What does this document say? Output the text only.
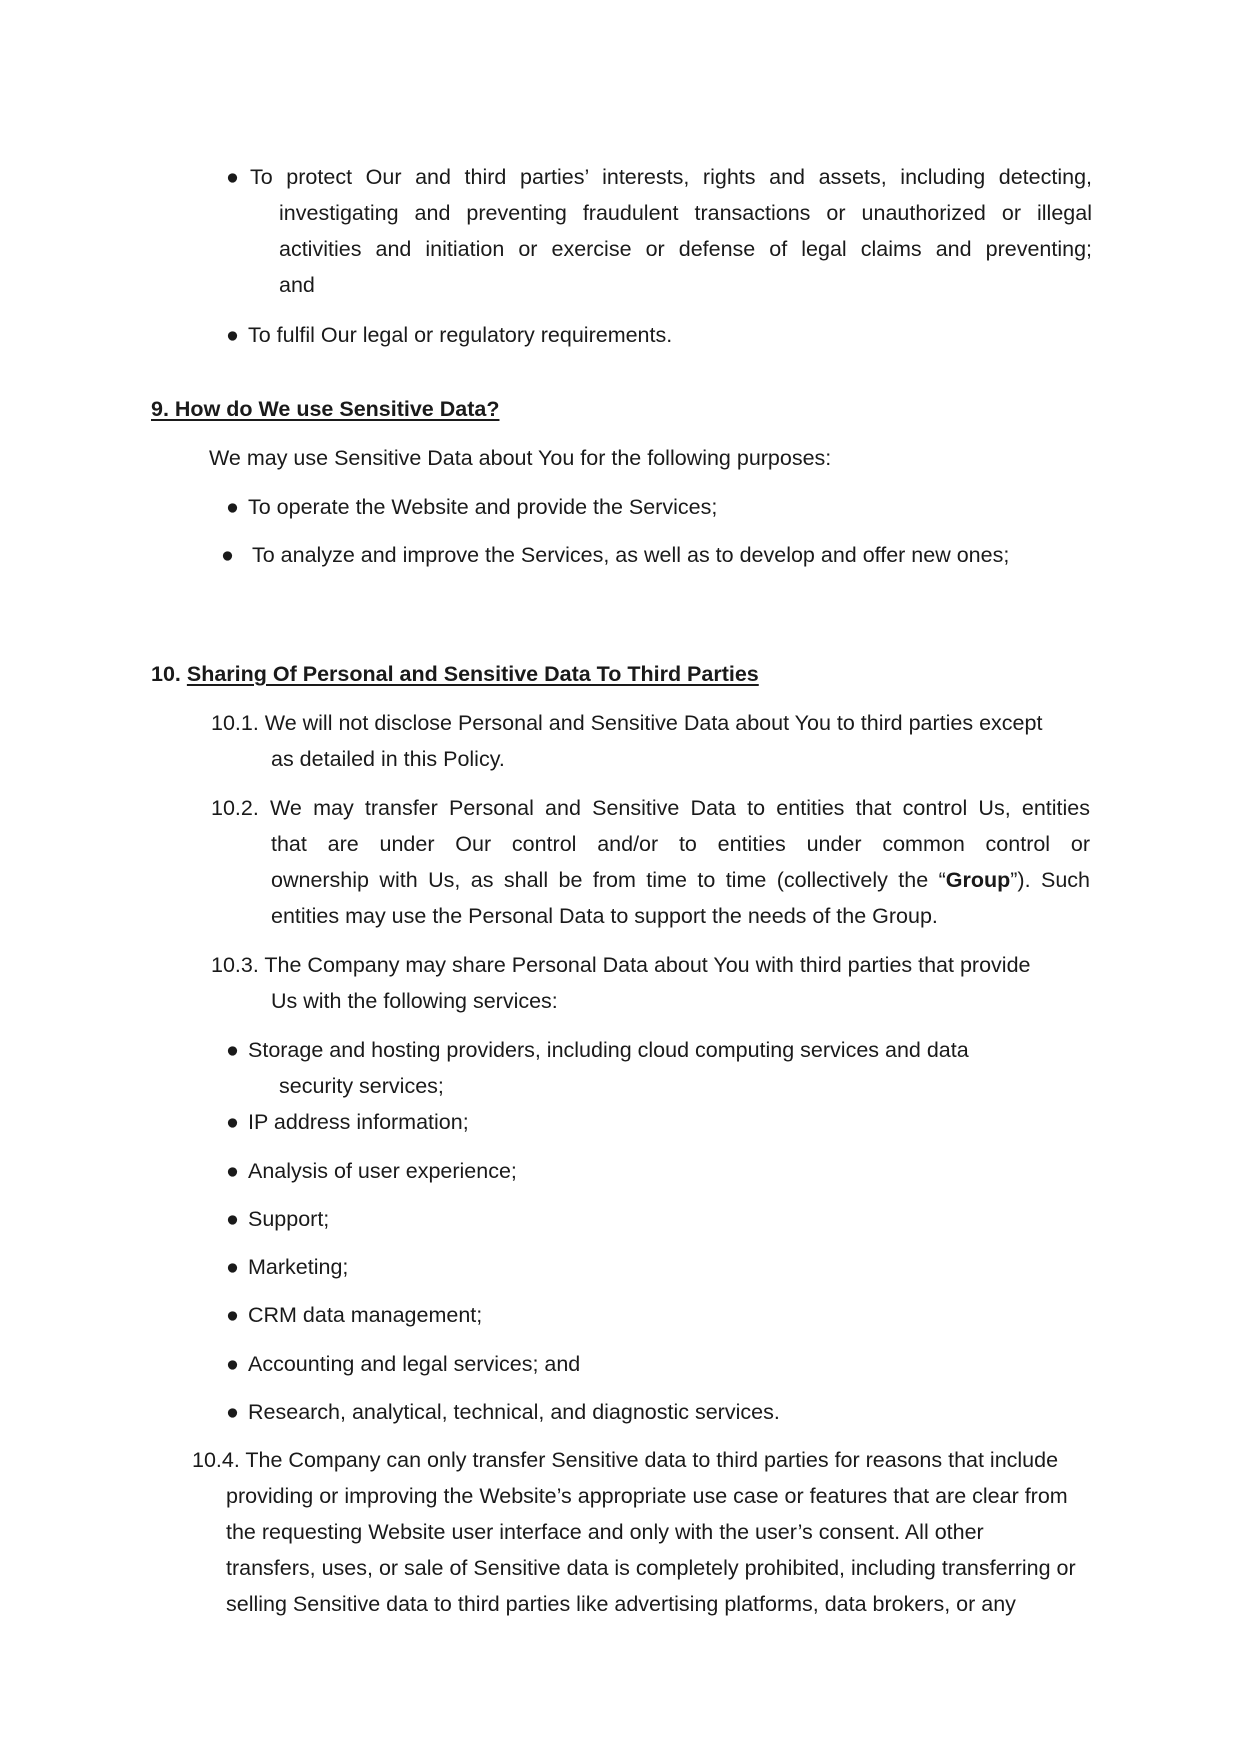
● To protect Our and third parties’ interests, rights and assets, including detecting,
investigating and preventing fraudulent transactions or unauthorized or illegal
activities and initiation or exercise or defense of legal claims and preventing;
and
● To fulfil Our legal or regulatory requirements.
9. How do We use Sensitive Data?
We may use Sensitive Data about You for the following purposes:
● To operate the Website and provide the Services;
● To analyze and improve the Services, as well as to develop and offer new ones;
10. Sharing Of Personal and Sensitive Data To Third Parties
10.1. We will not disclose Personal and Sensitive Data about You to third parties except
as detailed in this Policy.
10.2. We may transfer Personal and Sensitive Data to entities that control Us, entities
that are under Our control and/or to entities under common control or
ownership with Us, as shall be from time to time (collectively the “Group”). Such
entities may use the Personal Data to support the needs of the Group.
10.3. The Company may share Personal Data about You with third parties that provide
Us with the following services:
● Storage and hosting providers, including cloud computing services and data
security services;
● IP address information;
● Analysis of user experience;
● Support;
● Marketing;
● CRM data management;
● Accounting and legal services; and
● Research, analytical, technical, and diagnostic services.
10.4. The Company can only transfer Sensitive data to third parties for reasons that include
providing or improving the Website’s appropriate use case or features that are clear from
the requesting Website user interface and only with the user’s consent. All other
transfers, uses, or sale of Sensitive data is completely prohibited, including transferring or
selling Sensitive data to third parties like advertising platforms, data brokers, or any
